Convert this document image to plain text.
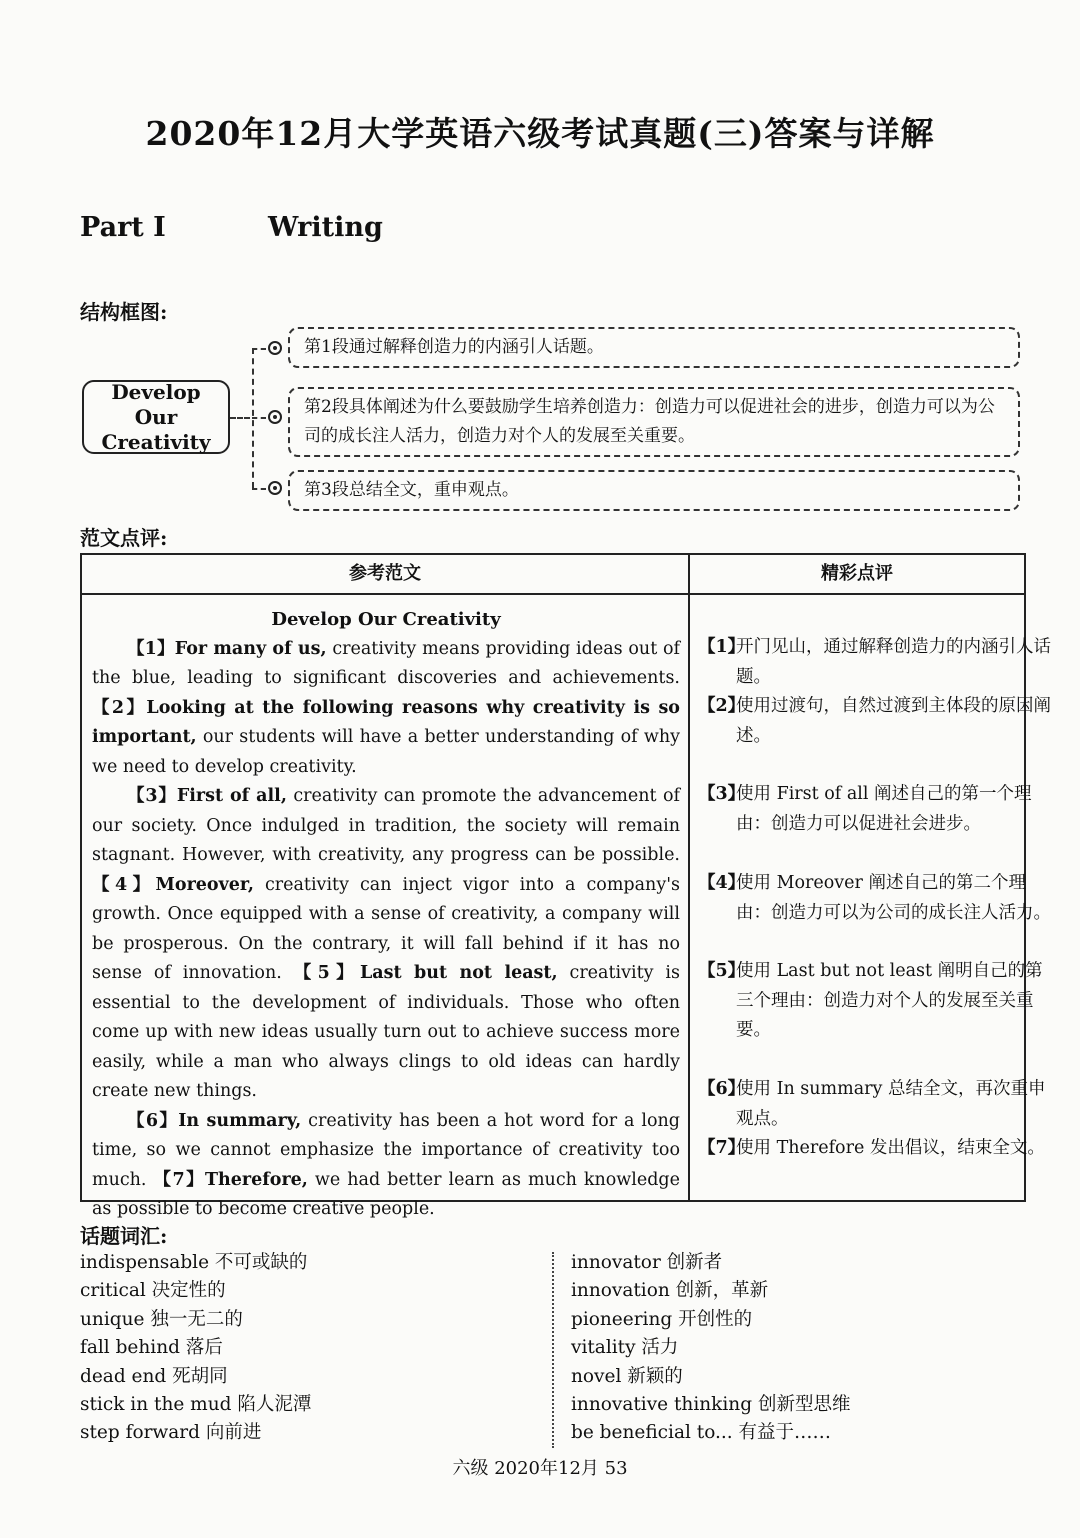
2020年12月大学英语六级考试真题(三)答案与详解
Part Ⅰ	Writing
结构框图:
Develop Our Creativity
第1段通过解释创造力的内涵引人话题。
第2段具体阐述为什么要鼓励学生培养创造力：创造力可以促进社会的进步，创造力可以为公司的成长注人活力，创造力对个人的发展至关重要。
第3段总结全文，重申观点。
范文点评:
参考范文	精彩点评
Develop Our Creativity

【1】For many of us, creativity means providing ideas out of the blue, leading to significant discoveries and achievements. 【2】Looking at the following reasons why creativity is so important, our students will have a better understanding of why we need to develop creativity.

【3】First of all, creativity can promote the advancement of our society. Once indulged in tradition, the society will remain stagnant. However, with creativity, any progress can be possible. 【4】Moreover, creativity can inject vigor into a company's growth. Once equipped with a sense of creativity, a company will be prosperous. On the contrary, it will fall behind if it has no sense of innovation. 【5】Last but not least, creativity is essential to the development of individuals. Those who often come up with new ideas usually turn out to achieve success more easily, while a man who always clings to old ideas can hardly create new things.

【6】In summary, creativity has been a hot word for a long time, so we cannot emphasize the importance of creativity too much. 【7】Therefore, we had better learn as much knowledge as possible to become creative people.

【1】
开门见山，通过解释创造力的内涵引人话题。

【2】
使用过渡句，自然过渡到主体段的原因阐述。

【3】
使用 First of all 阐述自己的第一个理由：创造力可以促进社会进步。

【4】
使用 Moreover 阐述自己的第二个理由：创造力可以为公司的成长注人活力。

【5】
使用 Last but not least 阐明自己的第三个理由：创造力对个人的发展至关重要。

【6】
使用 In summary 总结全文，再次重申观点。

【7】
使用 Therefore 发出倡议，结束全文。

话题词汇:
indispensable 不可或缺的
critical 决定性的
unique 独一无二的
fall behind 落后
dead end 死胡同
stick in the mud 陷人泥潭
step forward 向前进
innovator 创新者
innovation 创新，革新
pioneering 开创性的
vitality 活力
novel 新颖的
innovative thinking 创新型思维
be beneficial to... 有益于……
六级 2020年12月 53
